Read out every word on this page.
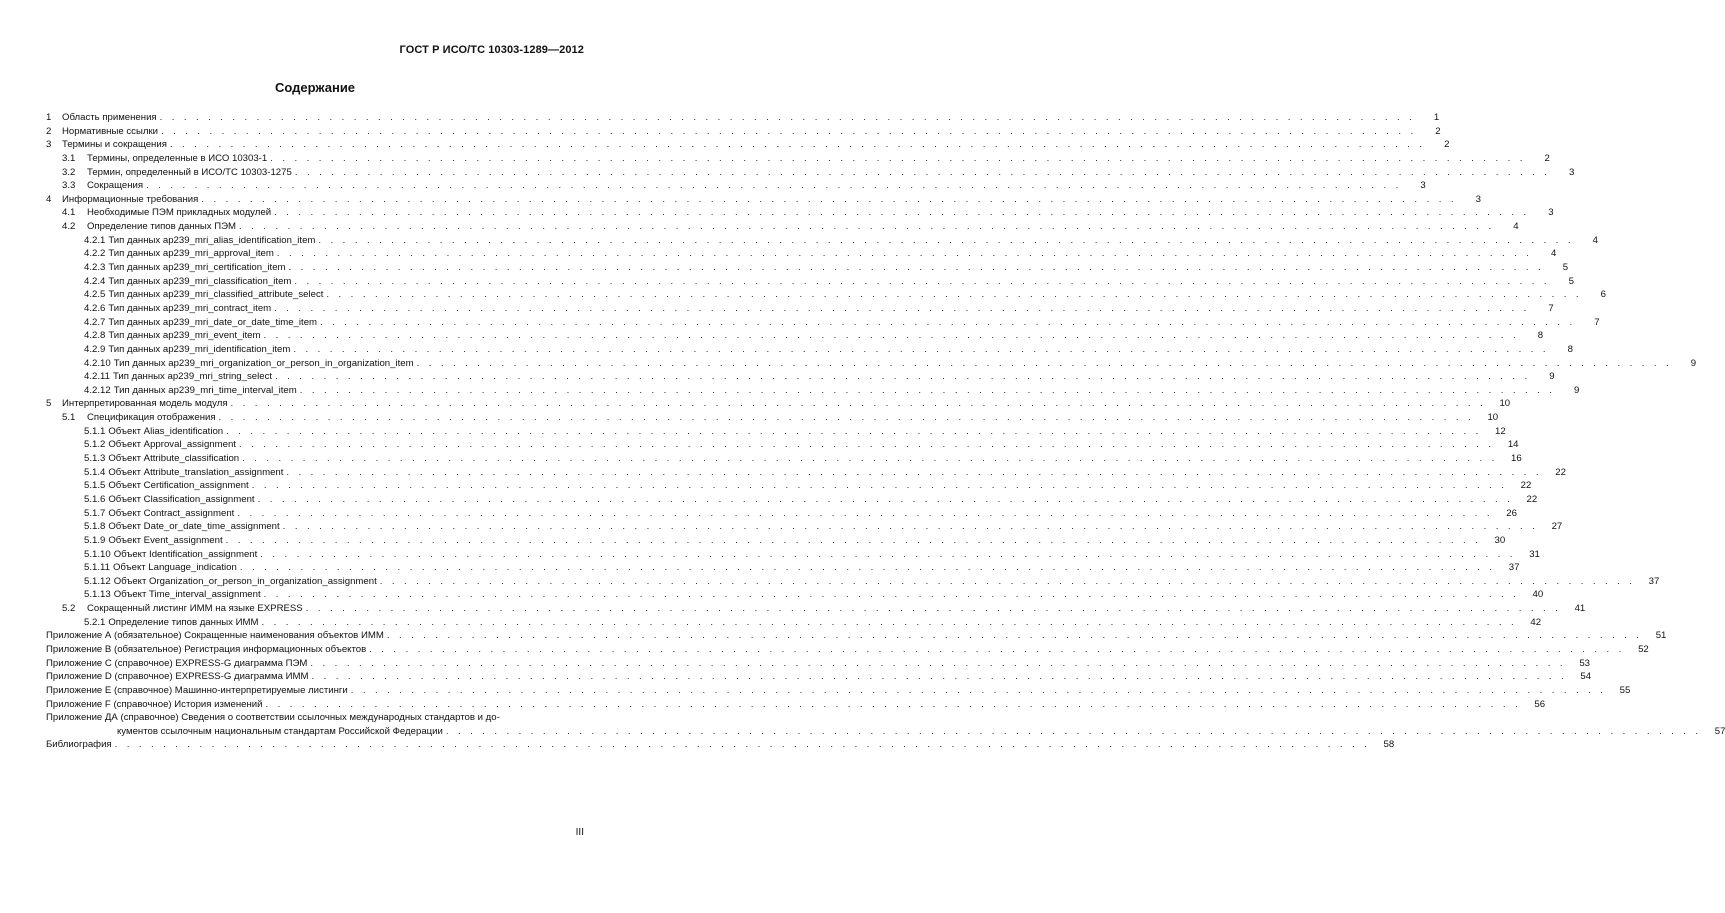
ГОСТ Р ИСО/ТС 10303-1289—2012
Содержание
1	Область применения . . .	1
2	Нормативные ссылки . . .	2
3	Термины и сокращения . . .	2
3.1	Термины, определенные в ИСО 10303-1 . . .	2
3.2	Термин, определенный в ИСО/ТС 10303-1275 . . .	3
3.3	Сокращения . . .	3
4	Информационные требования . . .	3
4.1	Необходимые ПЭМ прикладных модулей . . .	3
4.2	Определение типов данных ПЭМ . . .	4
4.2.1 Тип данных ap239_mri_alias_identification_item . . .	4
4.2.2 Тип данных ap239_mri_approval_item . . .	4
4.2.3 Тип данных ap239_mri_certification_item . . .	5
4.2.4 Тип данных ap239_mri_classification_item . . .	5
4.2.5 Тип данных ap239_mri_classified_attribute_select . . .	6
4.2.6 Тип данных ap239_mri_contract_item . . .	7
4.2.7 Тип данных ap239_mri_date_or_date_time_item . . .	7
4.2.8 Тип данных ap239_mri_event_item . . .	8
4.2.9 Тип данных ap239_mri_identification_item . . .	8
4.2.10 Тип данных ap239_mri_organization_or_person_in_organization_item . . .	9
4.2.11 Тип данных ap239_mri_string_select . . .	9
4.2.12 Тип данных ap239_mri_time_interval_item . . .	9
5	Интерпретированная модель модуля . . .	10
5.1	Спецификация отображения . . .	10
5.1.1 Объект Alias_identification . . .	12
5.1.2 Объект Approval_assignment . . .	14
5.1.3 Объект Attribute_classification . . .	16
5.1.4 Объект Attribute_translation_assignment . . .	22
5.1.5 Объект Certification_assignment . . .	22
5.1.6 Объект Classification_assignment . . .	22
5.1.7 Объект Contract_assignment . . .	26
5.1.8 Объект Date_or_date_time_assignment . . .	27
5.1.9 Объект Event_assignment . . .	30
5.1.10 Объект Identification_assignment . . .	31
5.1.11 Объект Language_indication . . .	37
5.1.12 Объект Organization_or_person_in_organization_assignment . . .	37
5.1.13 Объект Time_interval_assignment . . .	40
5.2	Сокращенный листинг ИММ на языке EXPRESS . . .	41
5.2.1 Определение типов данных ИММ . . .	42
Приложение А (обязательное) Сокращенные наименования объектов ИММ . . .	51
Приложение В (обязательное) Регистрация информационных объектов . . .	52
Приложение С (справочное) EXPRESS-G диаграмма ПЭМ . . .	53
Приложение D (справочное) EXPRESS-G диаграмма ИММ . . .	54
Приложение Е (справочное) Машинно-интерпретируемые листинги . . .	55
Приложение F (справочное) История изменений . . .	56
Приложение ДА (справочное) Сведения о соответствии ссылочных международных стандартов и до-
кументов ссылочным национальным стандартам Российской Федерации . . .	57
Библиография . . .	58
III
